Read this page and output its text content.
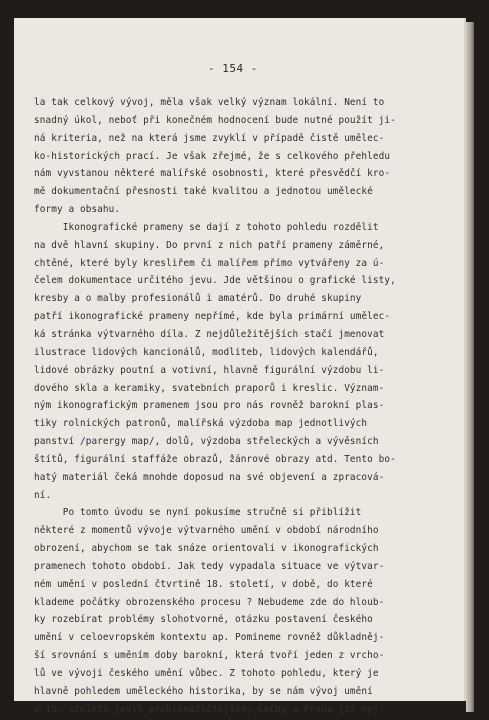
- 154 -
la tak celkový vývoj, měla však velký význam lokální. Není to
snadný úkol, neboť při konečném hodnocení bude nutné použít ji-
ná kriteria, než na která jsme zvyklí v případě čistě umělec-
ko-historických prací. Je však zřejmé, že s celkového přehledu
nám vyvstanou některé malířské osobnosti, které přesvědčí kro-
mě dokumentační přesnosti také kvalitou a jednotou umělecké
formy a obsahu.
Ikonografické prameny se dají z tohoto pohledu rozdělit
na dvě hlavní skupiny. Do první z nich patří prameny záměrné,
chtěné, které byly kresliřem či malířem přímo vytvářeny za ú-
čelem dokumentace určitého jevu. Jde většinou o grafické listy,
kresby a o malby profesionálů i amatérů. Do druhé skupiny
patří ikonografické prameny nepřímé, kde byla primární umělec-
ká stránka výtvarného díla. Z nejdůležitějších stačí jmenovat
ilustrace lidových kancionálů, modliteb, lidových kalendářů,
lidové obrázky poutní a votivní, hlavně figurální výzdobu li-
dového skla a keramiky, svatebních praporů i kreslic. Význam-
ným ikonografickým pramenem jsou pro nás rovněž barokní plas-
tiky rolnických patronů, malířská výzdoba map jednotlivých
panství /parergy map/, dolů, výzdoba střeleckých a vývěsních
štítů, figurální staffáže obrazů, žánrové obrazy atd. Tento bo-
hatý materiál čeká mnohde doposud na své objevení a zpracová-
ní.
Po tomto úvodu se nyní pokusíme stručně si přiblížit
některé z momentů vývoje výtvarného umění v období národního
obrození, abychom se tak snáze orientovali v ikonografických
pramenech tohoto období. Jak tedy vypadala situace ve výtvar-
ném umění v poslední čtvrtině 18. století, v době, do které
klademe počátky obrozenského procesu ? Nebudeme zde do hloub-
ky rozebírat problémy slohotvorné, otázku postavení českého
umění v celoevropském kontextu ap. Pomineme rovněž důkladněj-
ší srovnání s uměním doby barokní, která tvoří jeden z vrcho-
lů ve vývoji českého umění vůbec. Z tohoto pohledu, který je
hlavně pohledem uměleckého historika, by se nám vývoj umění
v 19. století jevil problematičtějším; Čechy a Praha již nej-
